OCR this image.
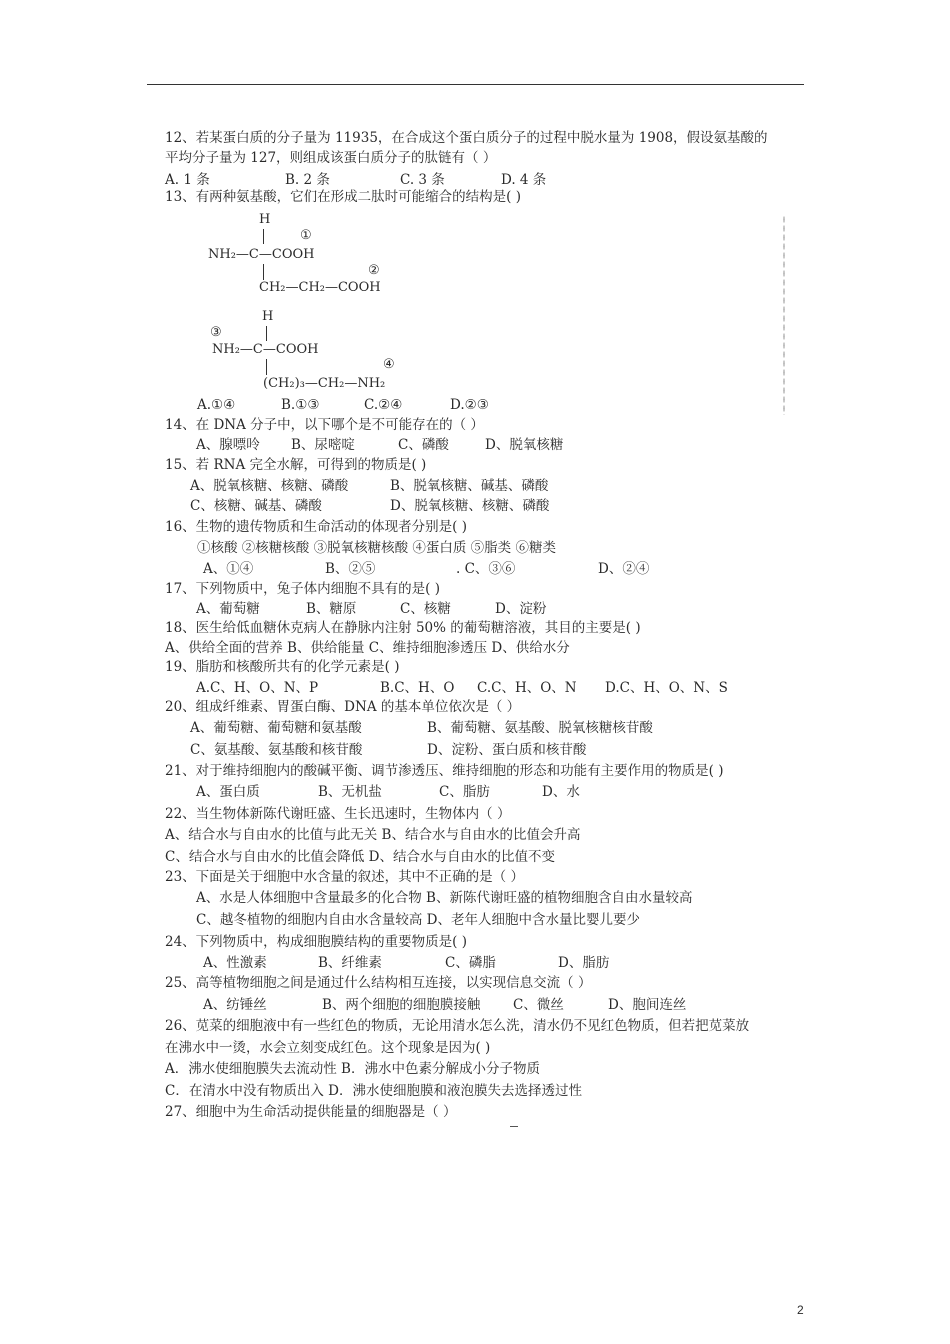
12、若某蛋白质的分子量为 11935，在合成这个蛋白质分子的过程中脱水量为 1908，假设氨基酸的
平均分子量为 127，则组成该蛋白质分子的肽链有（ ）
A. 1 条	B. 2 条	C. 3 条	D. 4 条
13、有两种氨基酸，它们在形成二肽时可能缩合的结构是( )
H
①
NH₂—C—COOH
②
CH₂—CH₂—COOH
H
③
NH₂—C—COOH
④
(CH₂)₃—CH₂—NH₂
A.①④	B.①③	C.②④	D.②③
14、在 DNA 分子中，以下哪个是不可能存在的（ ）
A、腺嘌呤 B、尿嘧啶	C、磷酸	D、脱氧核糖
15、若 RNA 完全水解，可得到的物质是( )
A、脱氧核糖、核糖、磷酸	B、脱氧核糖、碱基、磷酸
C、核糖、碱基、磷酸	D、脱氧核糖、核糖、磷酸
16、生物的遗传物质和生命活动的体现者分别是( )
①核酸 ②核糖核酸 ③脱氧核糖核酸 ④蛋白质 ⑤脂类 ⑥糖类
A、①④	B、②⑤	. C、③⑥	D、②④
17、下列物质中，兔子体内细胞不具有的是( )
A、葡萄糖	B、糖原	C、核糖	D、淀粉
18、医生给低血糖休克病人在静脉内注射 50% 的葡萄糖溶液，其目的主要是( )
A、供给全面的营养 B、供给能量 C、维持细胞渗透压 D、供给水分
19、脂肪和核酸所共有的化学元素是( )
A.C、H、O、N、P	B.C、H、O C.C、H、O、N D.C、H、O、N、S
20、组成纤维素、胃蛋白酶、DNA 的基本单位依次是（ ）
A、葡萄糖、葡萄糖和氨基酸	B、葡萄糖、氨基酸、脱氧核糖核苷酸
C、氨基酸、氨基酸和核苷酸	D、淀粉、蛋白质和核苷酸
21、对于维持细胞内的酸碱平衡、调节渗透压、维持细胞的形态和功能有主要作用的物质是( )
A、蛋白质	B、无机盐	C、脂肪	D、水
22、当生物体新陈代谢旺盛、生长迅速时，生物体内（ ）
A、结合水与自由水的比值与此无关 B、结合水与自由水的比值会升高
C、结合水与自由水的比值会降低 D、结合水与自由水的比值不变
23、下面是关于细胞中水含量的叙述，其中不正确的是（ ）
A、水是人体细胞中含量最多的化合物 B、新陈代谢旺盛的植物细胞含自由水量较高
C、越冬植物的细胞内自由水含量较高 D、老年人细胞中含水量比婴儿要少
24、下列物质中，构成细胞膜结构的重要物质是( )
A、性激素	B、纤维素	C、磷脂	D、脂肪
25、高等植物细胞之间是通过什么结构相互连接，以实现信息交流（ ）
A、纺锤丝	B、两个细胞的细胞膜接触 C、微丝	D、胞间连丝
26、苋菜的细胞液中有一些红色的物质，无论用清水怎么洗，清水仍不见红色物质，但若把苋菜放
在沸水中一烫，水会立刻变成红色。这个现象是因为( )
A．沸水使细胞膜失去流动性 B．沸水中色素分解成小分子物质
C．在清水中没有物质出入 D．沸水使细胞膜和液泡膜失去选择透过性
27、细胞中为生命活动提供能量的细胞器是（ ）
2
